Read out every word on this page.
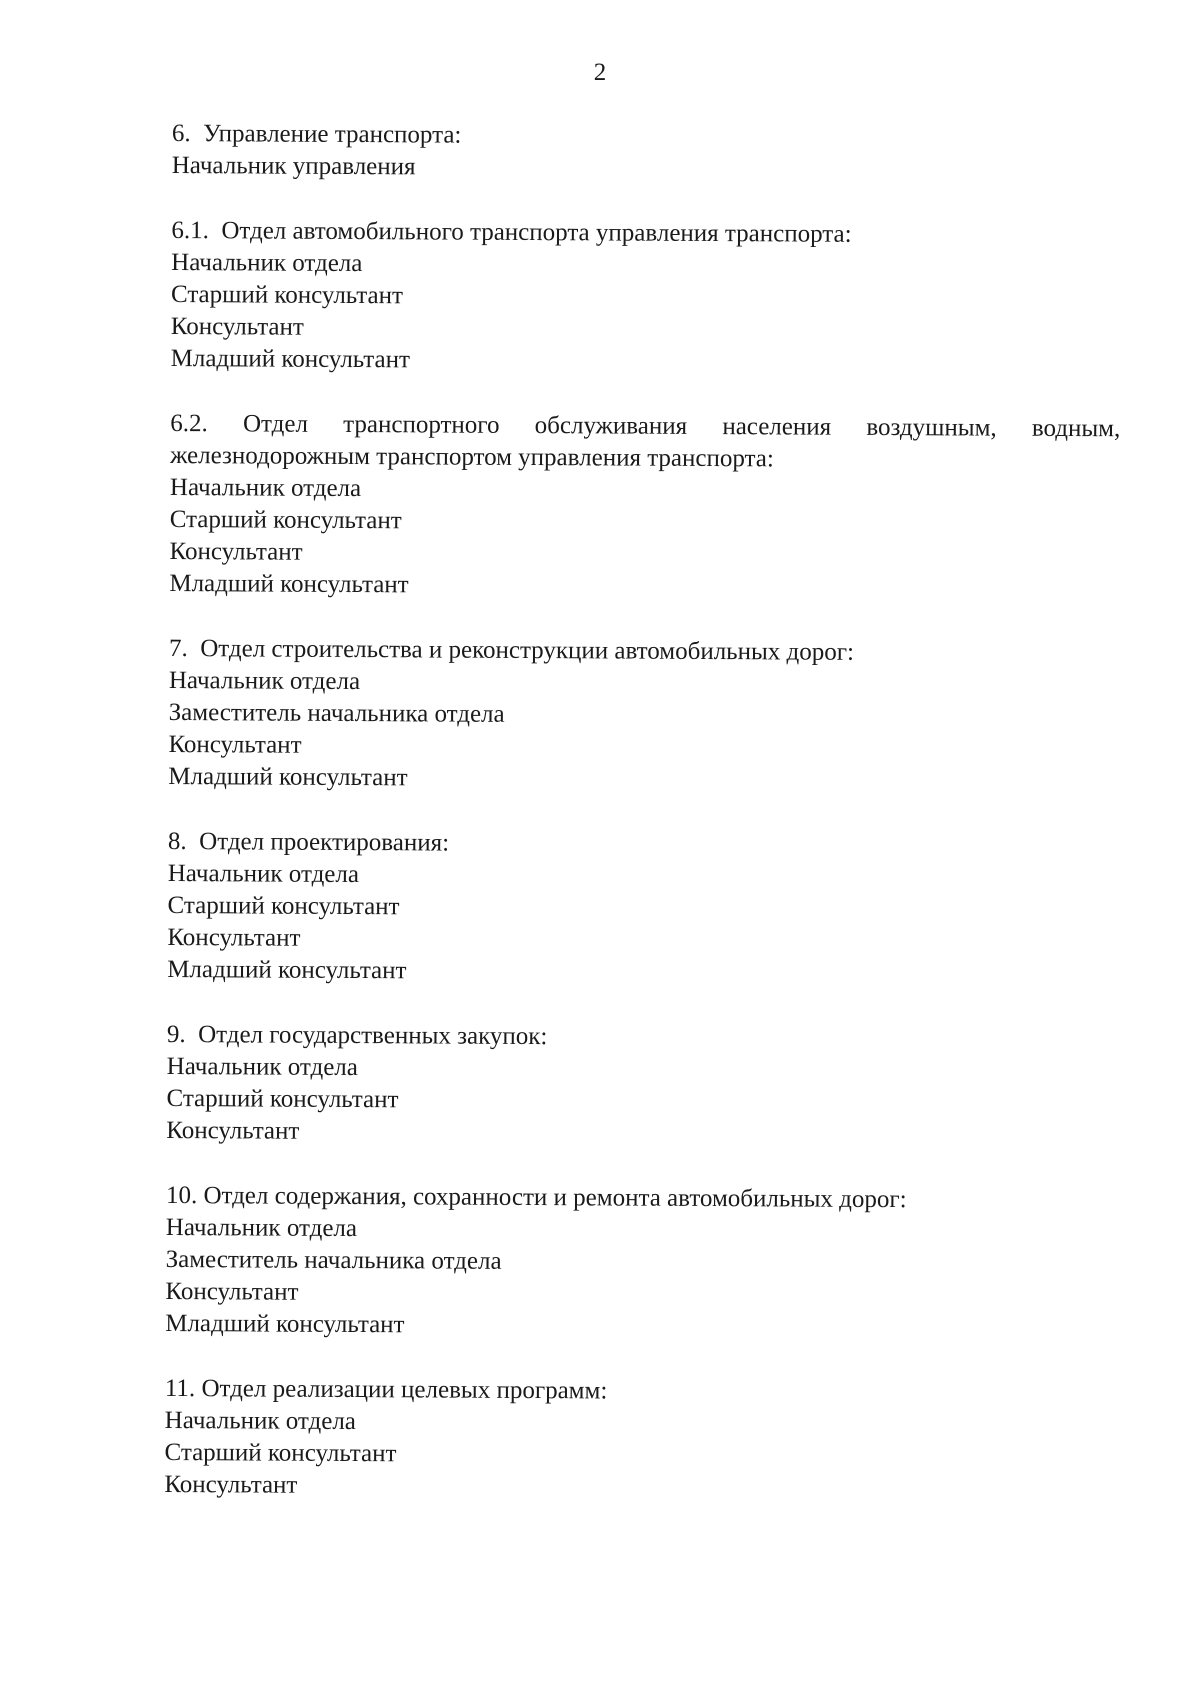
2

6. Управление транспорта:

Начальник управления

6.1. Отдел автомобильного транспорта управления транспорта:

Начальник отдела

Старший консультант

Консультант

Младший консультант

6.2. Отдел транспортного обслуживания населения воздушным, водным, железнодорожным транспортом управления транспорта:

Начальник отдела

Старший консультант

Консультант

Младший консультант

7. Отдел строительства и реконструкции автомобильных дорог:

Начальник отдела

Заместитель начальника отдела

Консультант

Младший консультант

8. Отдел проектирования:

Начальник отдела

Старший консультант

Консультант

Младший консультант

9. Отдел государственных закупок:

Начальник отдела

Старший консультант

Консультант

10. Отдел содержания, сохранности и ремонта автомобильных дорог:

Начальник отдела

Заместитель начальника отдела

Консультант

Младший консультант

11. Отдел реализации целевых программ:

Начальник отдела

Старший консультант

Консультант
